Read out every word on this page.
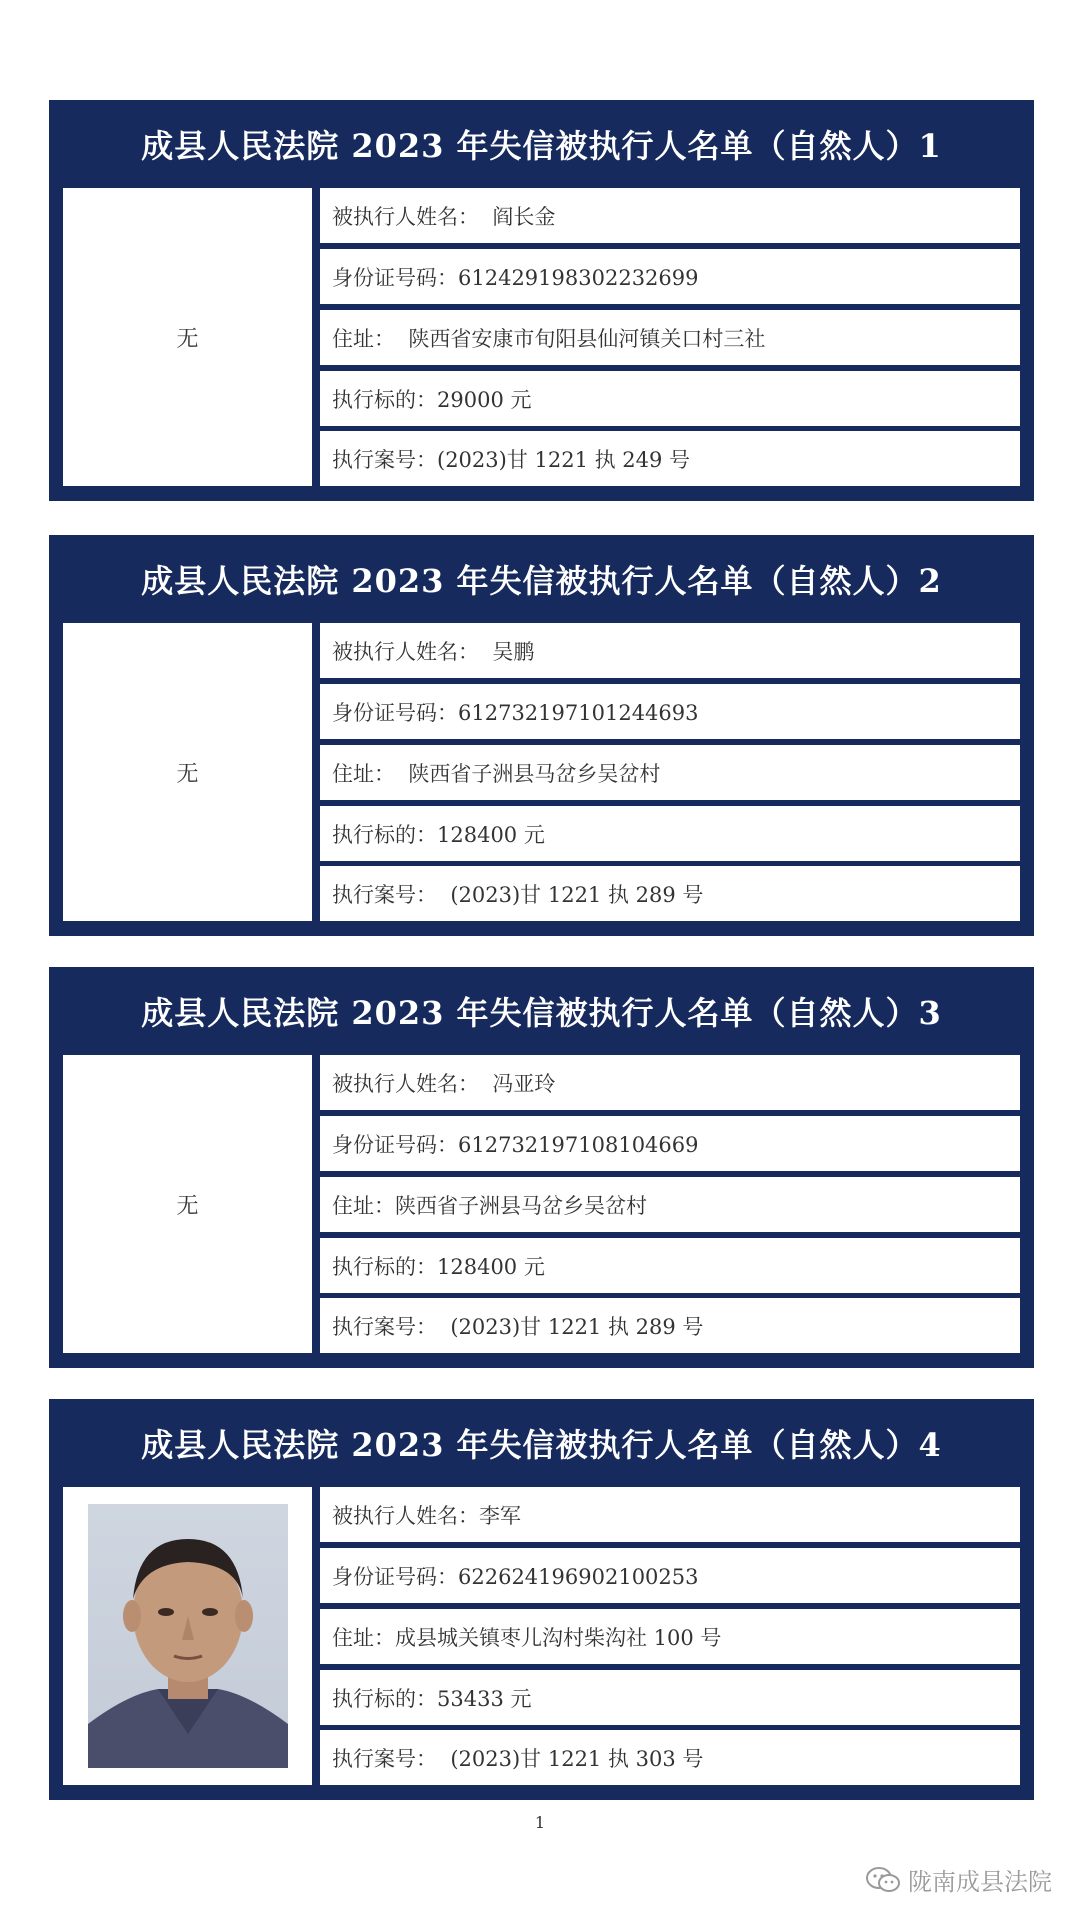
成县人民法院 2023 年失信被执行人名单（自然人）1
无
被执行人姓名：  阎长金
身份证号码：612429198302232699
住址：  陕西省安康市旬阳县仙河镇关口村三社
执行标的：29000 元
执行案号：(2023)甘 1221 执 249 号
成县人民法院 2023 年失信被执行人名单（自然人）2
无
被执行人姓名：  吴鹏
身份证号码：612732197101244693
住址：  陕西省子洲县马岔乡吴岔村
执行标的：128400 元
执行案号：  (2023)甘 1221 执 289 号
成县人民法院 2023 年失信被执行人名单（自然人）3
无
被执行人姓名：  冯亚玲
身份证号码：612732197108104669
住址：陕西省子洲县马岔乡吴岔村
执行标的：128400 元
执行案号：  (2023)甘 1221 执 289 号
成县人民法院 2023 年失信被执行人名单（自然人）4
被执行人姓名：李军
身份证号码：622624196902100253
住址：成县城关镇枣儿沟村柴沟社 100 号
执行标的：53433 元
执行案号：  (2023)甘 1221 执 303 号
1
陇南成县法院
